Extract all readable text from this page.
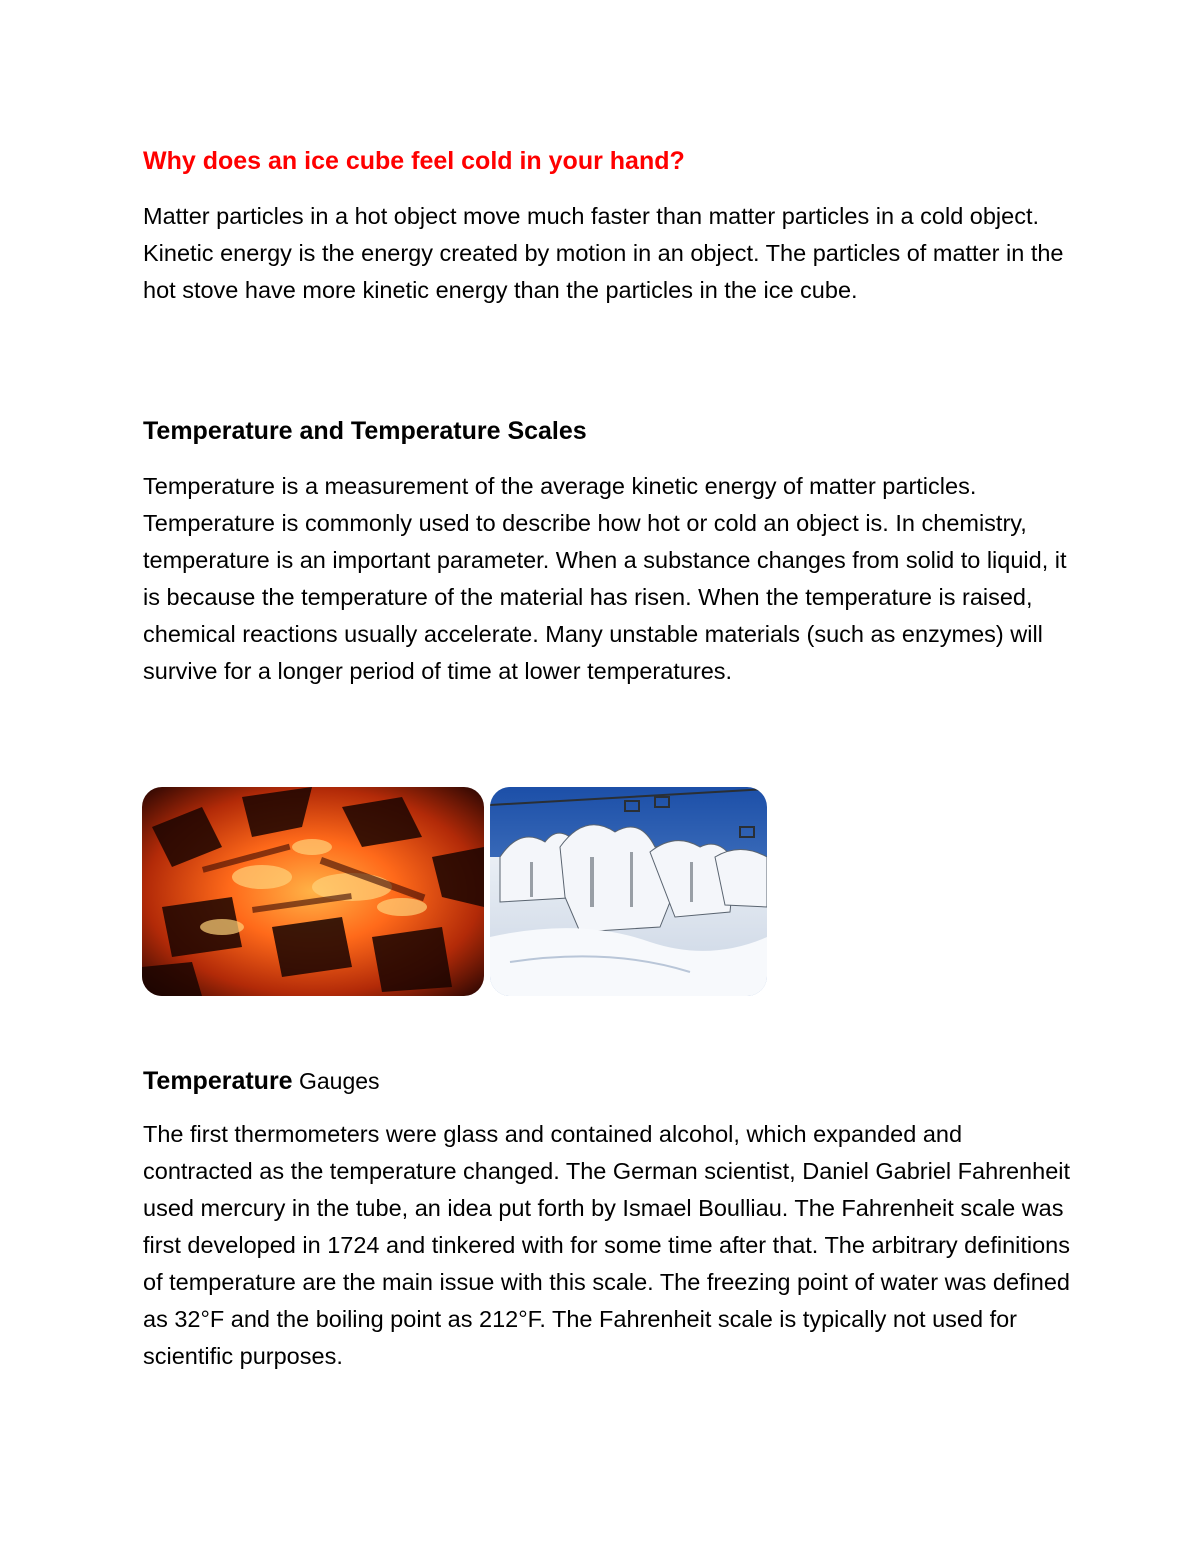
Why does an ice cube feel cold in your hand?

Matter particles in a hot object move much faster than matter particles in a cold object. Kinetic energy is the energy created by motion in an object. The particles of matter in the hot stove have more kinetic energy than the particles in the ice cube.

Temperature and Temperature Scales

Temperature is a measurement of the average kinetic energy of matter particles. Temperature is commonly used to describe how hot or cold an object is. In chemistry, temperature is an important parameter. When a substance changes from solid to liquid, it is because the temperature of the material has risen. When the temperature is raised, chemical reactions usually accelerate. Many unstable materials (such as enzymes) will survive for a longer period of time at lower temperatures.

Temperature Gauges

The first thermometers were glass and contained alcohol, which expanded and contracted as the temperature changed. The German scientist, Daniel Gabriel Fahrenheit used mercury in the tube, an idea put forth by Ismael Boulliau. The Fahrenheit scale was first developed in 1724 and tinkered with for some time after that. The arbitrary definitions of temperature are the main issue with this scale. The freezing point of water was defined as 32°F and the boiling point as 212°F. The Fahrenheit scale is typically not used for scientific purposes.
